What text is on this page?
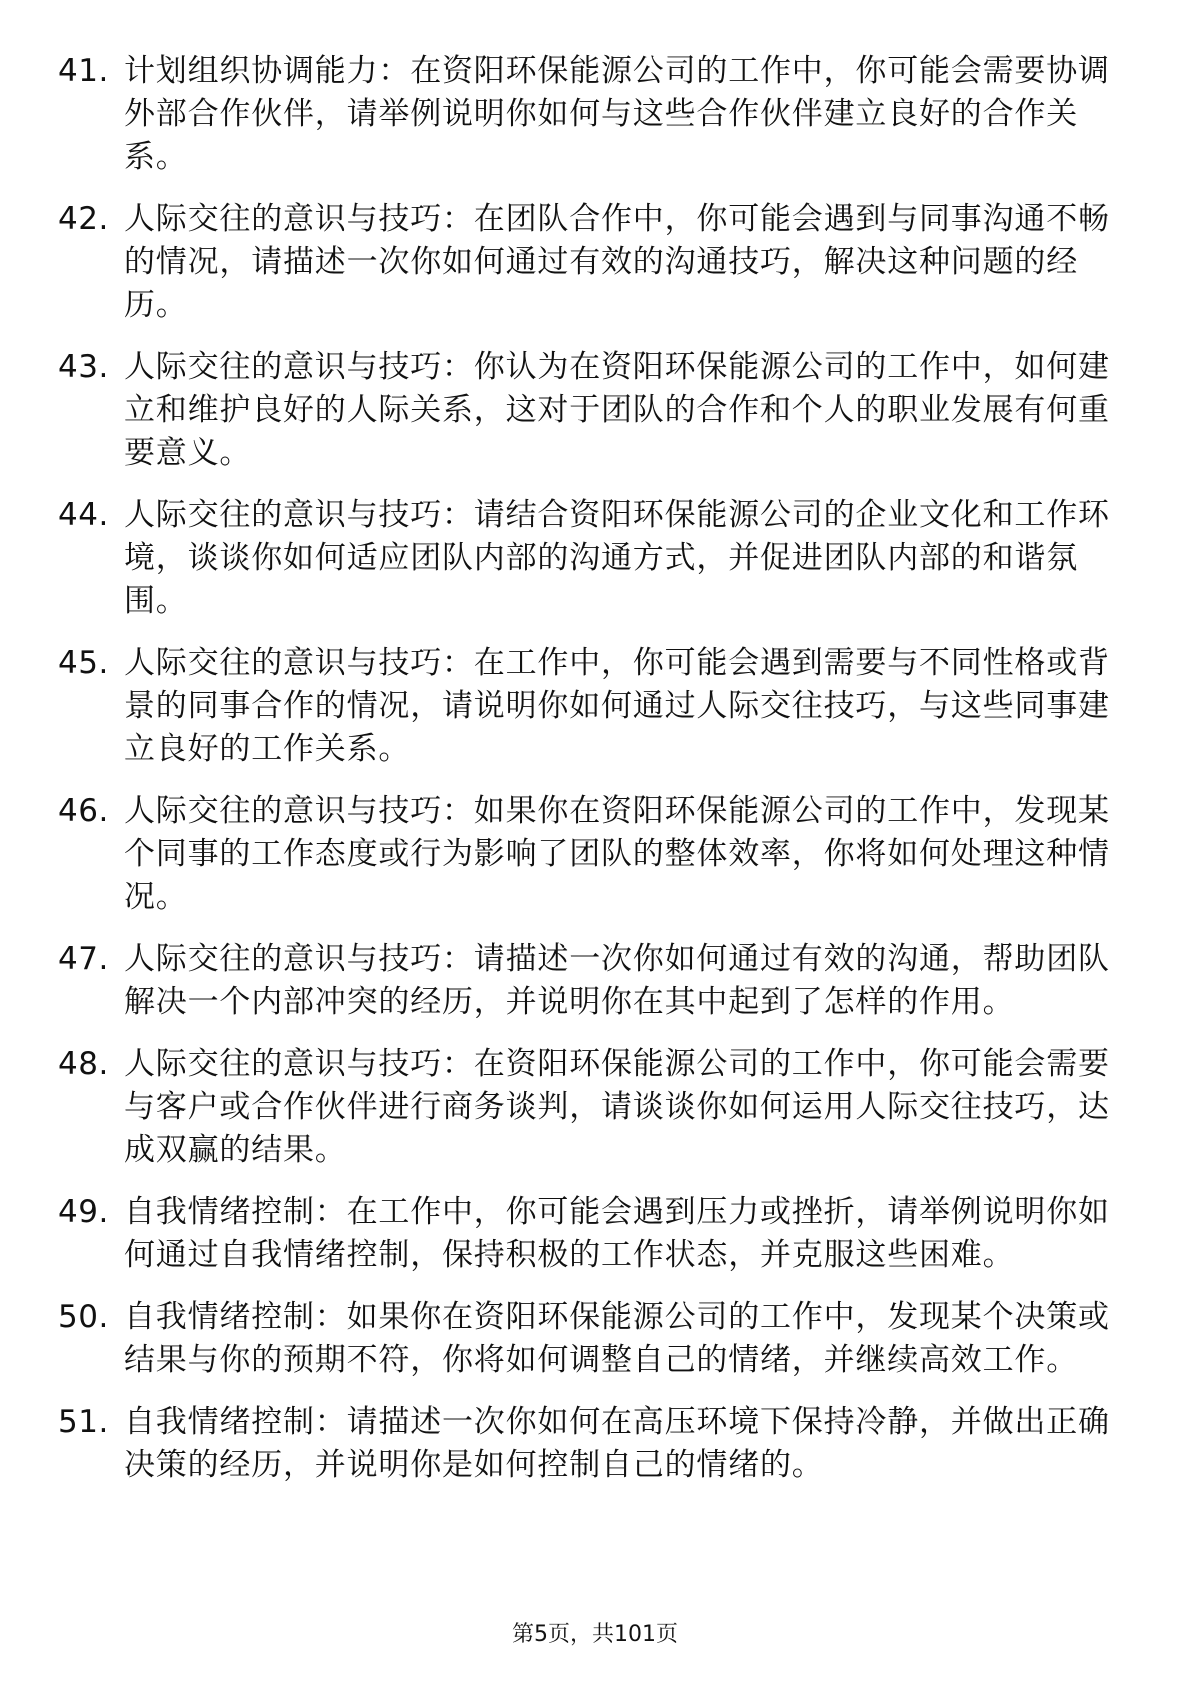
41. 计划组织协调能力：在资阳环保能源公司的工作中，你可能会需要协调外部合作伙伴，请举例说明你如何与这些合作伙伴建立良好的合作关系。
42. 人际交往的意识与技巧：在团队合作中，你可能会遇到与同事沟通不畅的情况，请描述一次你如何通过有效的沟通技巧，解决这种问题的经历。
43. 人际交往的意识与技巧：你认为在资阳环保能源公司的工作中，如何建立和维护良好的人际关系，这对于团队的合作和个人的职业发展有何重要意义。
44. 人际交往的意识与技巧：请结合资阳环保能源公司的企业文化和工作环境，谈谈你如何适应团队内部的沟通方式，并促进团队内部的和谐氛围。
45. 人际交往的意识与技巧：在工作中，你可能会遇到需要与不同性格或背景的同事合作的情况，请说明你如何通过人际交往技巧，与这些同事建立良好的工作关系。
46. 人际交往的意识与技巧：如果你在资阳环保能源公司的工作中，发现某个同事的工作态度或行为影响了团队的整体效率，你将如何处理这种情况。
47. 人际交往的意识与技巧：请描述一次你如何通过有效的沟通，帮助团队解决一个内部冲突的经历，并说明你在其中起到了怎样的作用。
48. 人际交往的意识与技巧：在资阳环保能源公司的工作中，你可能会需要与客户或合作伙伴进行商务谈判，请谈谈你如何运用人际交往技巧，达成双赢的结果。
49. 自我情绪控制：在工作中，你可能会遇到压力或挫折，请举例说明你如何通过自我情绪控制，保持积极的工作状态，并克服这些困难。
50. 自我情绪控制：如果你在资阳环保能源公司的工作中，发现某个决策或结果与你的预期不符，你将如何调整自己的情绪，并继续高效工作。
51. 自我情绪控制：请描述一次你如何在高压环境下保持冷静，并做出正确决策的经历，并说明你是如何控制自己的情绪的。
第5页，共101页
